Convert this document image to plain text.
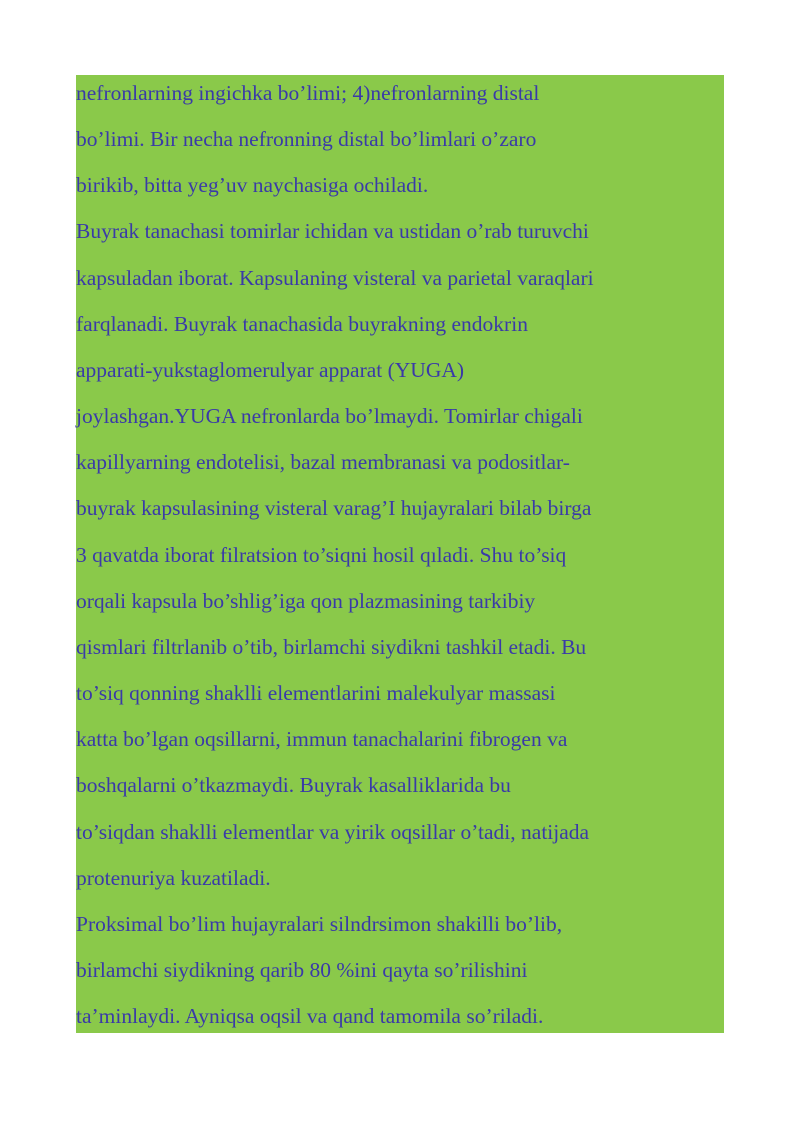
nefronlarning ingichka bo’limi; 4)nefronlarning distal
bo’limi. Bir necha nefronning distal bo’limlari o’zaro
birikib, bitta yeg’uv naychasiga ochiladi.
Buyrak tanachasi tomirlar ichidan va ustidan o’rab turuvchi
kapsuladan iborat. Kapsulaning visteral va parietal varaqlari
farqlanadi. Buyrak tanachasida buyrakning endokrin
apparati-yukstaglomerulyar apparat (YUGA)
joylashgan.YUGA nefronlarda bo’lmaydi. Tomirlar chigali
kapillyarning endotelisi, bazal membranasi va podositlar-
buyrak kapsulasining visteral varag’I hujayralari bilab birga
3 qavatda iborat filratsion to’siqni hosil qıladi. Shu to’siq
orqali kapsula bo’shlig’iga qon plazmasining tarkibiy
qismlari filtrlanib o’tib, birlamchi siydikni tashkil etadi. Bu
to’siq qonning shaklli elementlarini malekulyar massasi
katta bo’lgan oqsillarni, immun tanachalarini fibrogen va
boshqalarni o’tkazmaydi. Buyrak kasalliklarida bu
to’siqdan shaklli elementlar va yirik oqsillar o’tadi, natijada
protenuriya kuzatiladi.
Proksimal bo’lim hujayralari silndrsimon shakilli bo’lib,
birlamchi siydikning qarib 80 %ini qayta so’rilishini
ta’minlaydi. Ayniqsa oqsil va qand tamomila so’riladi.
